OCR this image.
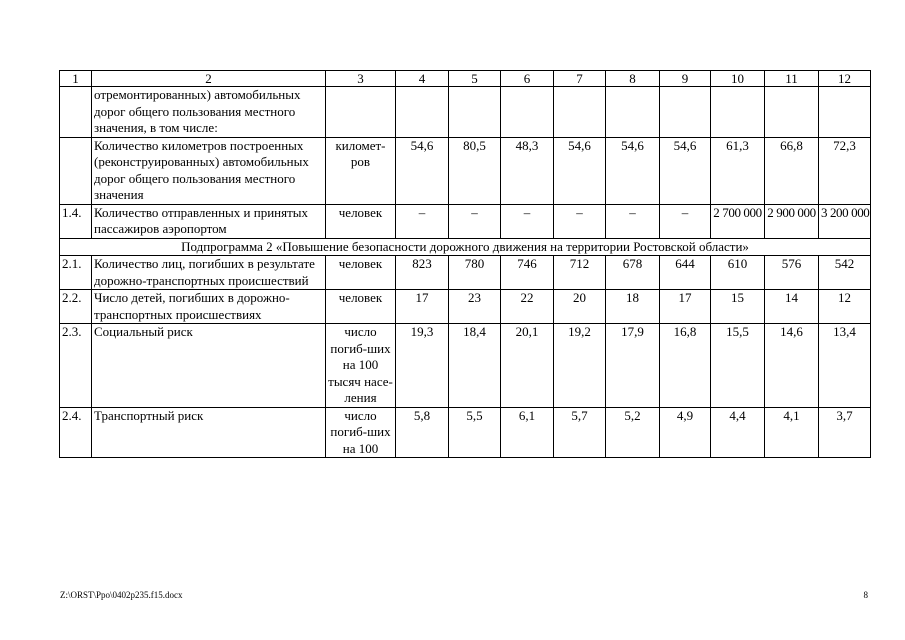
1	2	3	4	5	6	7	8	9	10	11	12
	отремонтированных) автомобильных дорог общего пользования местного значения, в том числе:										
	Количество километров построенных (реконструированных) автомобильных дорог общего пользования местного значения	километ-ров	54,6	80,5	48,3	54,6	54,6	54,6	61,3	66,8	72,3
1.4.	Количество отправленных и принятых пассажиров аэропортом	человек	–	–	–	–	–	–	2 700 000	2 900 000	3 200 000
Подпрограмма 2 «Повышение безопасности дорожного движения на территории Ростовской области»											
2.1.	Количество лиц, погибших в результате дорожно-транспортных происшествий	человек	823	780	746	712	678	644	610	576	542
2.2.	Число детей, погибших в дорожно-транспортных происшествиях	человек	17	23	22	20	18	17	15	14	12
2.3.	Социальный риск	число погиб-ших на 100 тысяч насе-ления	19,3	18,4	20,1	19,2	17,9	16,8	15,5	14,6	13,4
2.4.	Транспортный риск	число погиб-ших на 100	5,8	5,5	6,1	5,7	5,2	4,9	4,4	4,1	3,7
Z:\ORST\Ppo\0402p235.f15.docx	8
